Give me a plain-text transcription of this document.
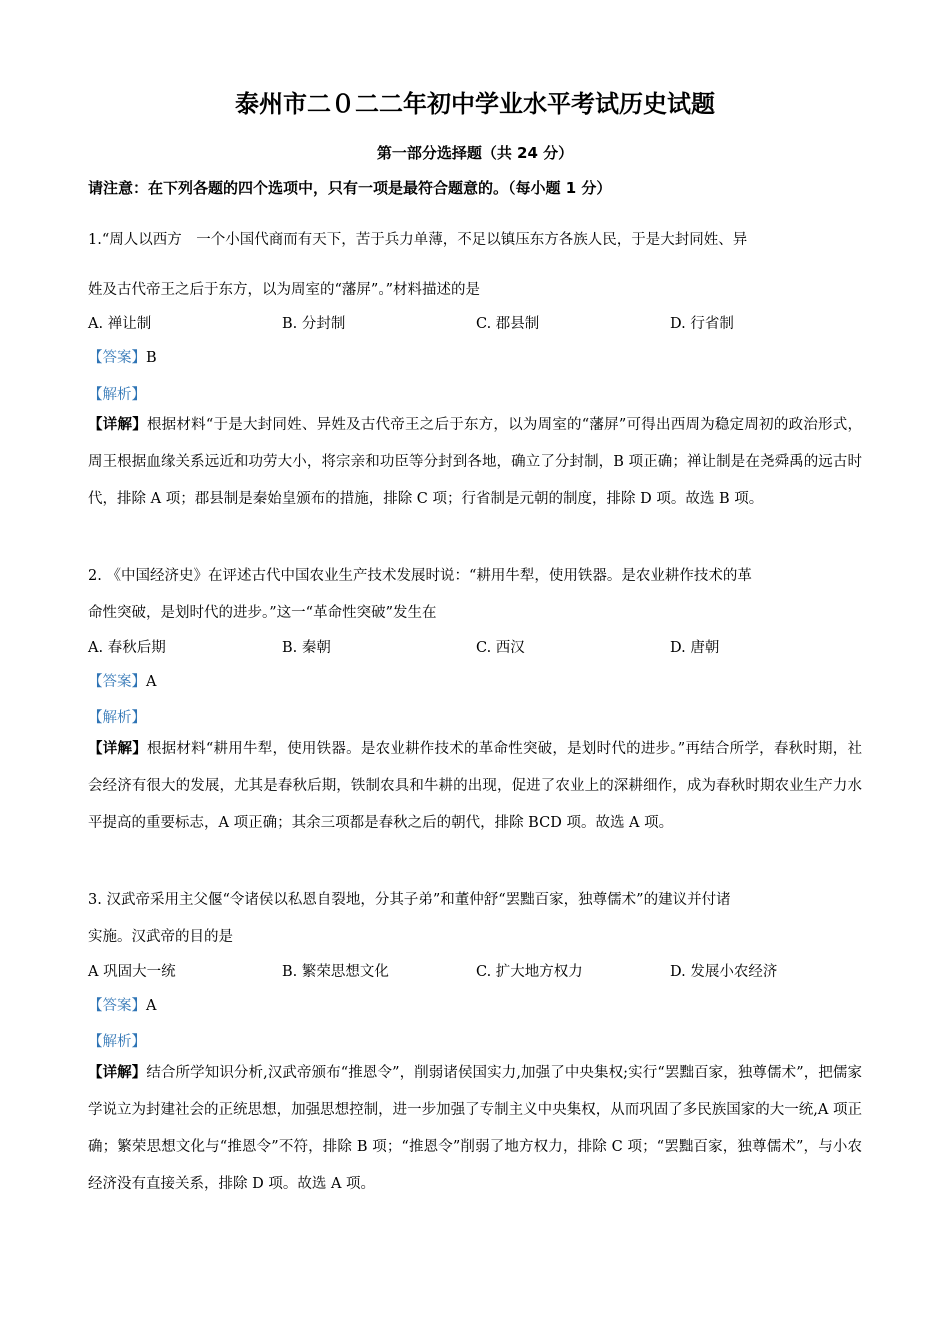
泰州市二０二二年初中学业水平考试历史试题
第一部分选择题（共 24 分）
请注意：在下列各题的四个选项中，只有一项是最符合题意的。（每小题 1 分）
1.“周人以西方　一个小国代商而有天下，苦于兵力单薄，不足以镇压东方各族人民，于是大封同姓、异
姓及古代帝王之后于东方，以为周室的“藩屏”。”材料描述的是
A. 禅让制	B. 分封制	C. 郡县制	D. 行省制
【答案】B
【解析】

【详解】根据材料“于是大封同姓、异姓及古代帝王之后于东方，以为周室的“藩屏”可得出西周为稳定周初的政治形式，周王根据血缘关系远近和功劳大小，将宗亲和功臣等分封到各地，确立了分封制，B 项正确；禅让制是在尧舜禹的远古时代，排除 A 项；郡县制是秦始皇颁布的措施，排除 C 项；行省制是元朝的制度，排除 D 项。故选 B 项。

2. 《中国经济史》在评述古代中国农业生产技术发展时说：“耕用牛犁，使用铁器。是农业耕作技术的革
命性突破，是划时代的进步。”这一“革命性突破”发生在
A. 春秋后期	B. 秦朝	C. 西汉	D. 唐朝
【答案】A
【解析】

【详解】根据材料“耕用牛犁，使用铁器。是农业耕作技术的革命性突破，是划时代的进步。”再结合所学，春秋时期，社会经济有很大的发展，尤其是春秋后期，铁制农具和牛耕的出现，促进了农业上的深耕细作，成为春秋时期农业生产力水平提高的重要标志，A 项正确；其余三项都是春秋之后的朝代，排除 BCD 项。故选 A 项。

3. 汉武帝采用主父偃“令诸侯以私恩自裂地，分其子弟”和董仲舒“罢黜百家，独尊儒术”的建议并付诸
实施。汉武帝的目的是
A 巩固大一统	B. 繁荣思想文化	C. 扩大地方权力	D. 发展小农经济
【答案】A
【解析】

【详解】结合所学知识分析,汉武帝颁布“推恩令”，削弱诸侯国实力,加强了中央集权;实行“罢黜百家，独尊儒术”，把儒家学说立为封建社会的正统思想，加强思想控制，进一步加强了专制主义中央集权，从而巩固了多民族国家的大一统,A 项正确；繁荣思想文化与“推恩令”不符，排除 B 项；“推恩令”削弱了地方权力，排除 C 项；“罢黜百家，独尊儒术”，与小农经济没有直接关系，排除 D 项。故选 A 项。
